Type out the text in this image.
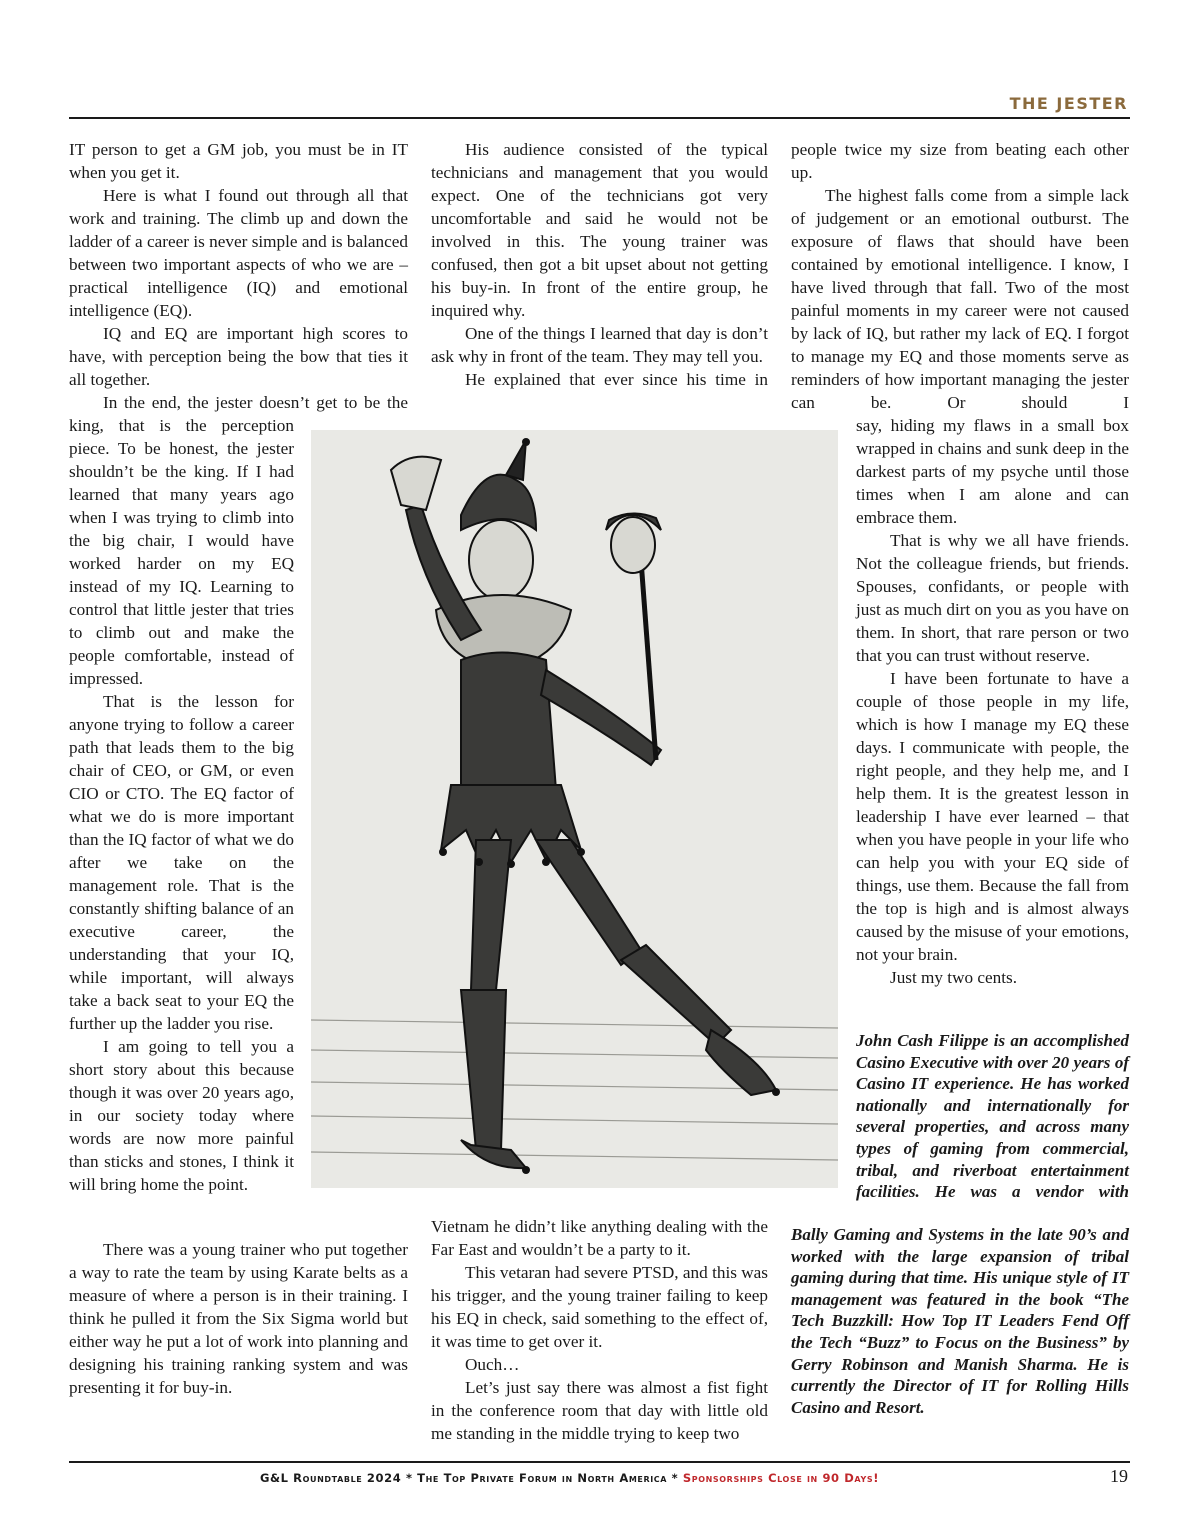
THE JESTER

IT person to get a GM job, you must be in IT when you get it.

Here is what I found out through all that work and training. The climb up and down the ladder of a career is never simple and is balanced between two important aspects of who we are – practical intelligence (IQ) and emotional intelligence (EQ).

IQ and EQ are important high scores to have, with perception being the bow that ties it all together.

In the end, the jester doesn’t get to be the

king, that is the perception piece. To be honest, the jester shouldn’t be the king. If I had learned that many years ago when I was trying to climb into the big chair, I would have worked harder on my EQ instead of my IQ. Learning to control that little jester that tries to climb out and make the people comfortable, instead of impressed.

That is the lesson for anyone trying to follow a career path that leads them to the big chair of CEO, or GM, or even CIO or CTO. The EQ factor of what we do is more important than the IQ factor of what we do after we take on the management role. That is the constantly shifting balance of an executive career, the understanding that your IQ, while important, will always take a back seat to your EQ the further up the ladder you rise.

I am going to tell you a short story about this because though it was over 20 years ago, in our society today where words are now more painful than sticks and stones, I think it will bring home the point.

There was a young trainer who put together a way to rate the team by using Karate belts as a measure of where a person is in their training. I think he pulled it from the Six Sigma world but either way he put a lot of work into planning and designing his training ranking system and was presenting it for buy-in.

His audience consisted of the typical technicians and management that you would expect. One of the technicians got very uncomfortable and said he would not be involved in this. The young trainer was confused, then got a bit upset about not getting his buy-in. In front of the entire group, he inquired why.

One of the things I learned that day is don’t ask why in front of the team. They may tell you.

He explained that ever since his time in

Vietnam he didn’t like anything dealing with the Far East and wouldn’t be a party to it.

This vetaran had severe PTSD, and this was his trigger, and the young trainer failing to keep his EQ in check, said something to the effect of, it was time to get over it.

Ouch…

Let’s just say there was almost a fist fight in the conference room that day with little old me standing in the middle trying to keep two

people twice my size from beating each other up.

The highest falls come from a simple lack of judgement or an emotional outburst. The exposure of flaws that should have been contained by emotional intelligence. I know, I have lived through that fall. Two of the most painful moments in my career were not caused by lack of IQ, but rather my lack of EQ. I forgot to manage my EQ and those moments serve as reminders of how important managing the jester can be. Or should I

say, hiding my flaws in a small box wrapped in chains and sunk deep in the darkest parts of my psyche until those times when I am alone and can embrace them.

That is why we all have friends. Not the colleague friends, but friends. Spouses, confidants, or people with just as much dirt on you as you have on them. In short, that rare person or two that you can trust without reserve.

I have been fortunate to have a couple of those people in my life, which is how I manage my EQ these days. I communicate with people, the right people, and they help me, and I help them. It is the greatest lesson in leadership I have ever learned – that when you have people in your life who can help you with your EQ side of things, use them. Because the fall from the top is high and is almost always caused by the misuse of your emotions, not your brain.

Just my two cents.

John Cash Filippe is an accomplished Casino Executive with over 20 years of Casino IT experience. He has worked nationally and internationally for several properties, and across many types of gaming from commercial, tribal, and riverboat entertainment facilities. He was a vendor with

Bally Gaming and Systems in the late 90’s and worked with the large expansion of tribal gaming during that time. His unique style of IT management was featured in the book “The Tech Buzzkill: How Top IT Leaders Fend Off the Tech “Buzz” to Focus on the Business” by Gerry Robinson and Manish Sharma. He is currently the Director of IT for Rolling Hills Casino and Resort.

G&L Roundtable 2024 * The Top Private Forum in North America * Sponsorships Close in 90 Days!	19
